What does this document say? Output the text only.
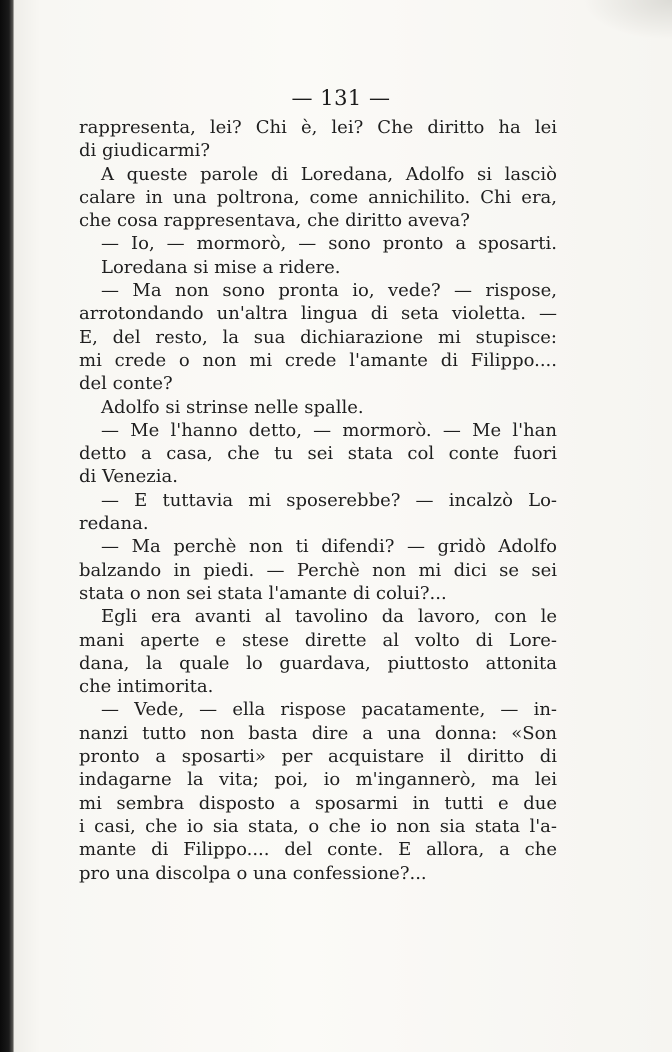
— 131 —
rappresenta, lei? Chi è, lei? Che diritto ha lei
di giudicarmi?
A queste parole di Loredana, Adolfo si lasciò
calare in una poltrona, come annichilito. Chi era,
che cosa rappresentava, che diritto aveva?
— Io, — mormorò, — sono pronto a sposarti.
Loredana si mise a ridere.
— Ma non sono pronta io, vede? — rispose,
arrotondando un'altra lingua di seta violetta. —
E, del resto, la sua dichiarazione mi stupisce:
mi crede o non mi crede l'amante di Filippo....
del conte?
Adolfo si strinse nelle spalle.
— Me l'hanno detto, — mormorò. — Me l'han
detto a casa, che tu sei stata col conte fuori
di Venezia.
— E tuttavia mi sposerebbe? — incalzò Lo-
redana.
— Ma perchè non ti difendi? — gridò Adolfo
balzando in piedi. — Perchè non mi dici se sei
stata o non sei stata l'amante di colui?...
Egli era avanti al tavolino da lavoro, con le
mani aperte e stese dirette al volto di Lore-
dana, la quale lo guardava, piuttosto attonita
che intimorita.
— Vede, — ella rispose pacatamente, — in-
nanzi tutto non basta dire a una donna: «Son
pronto a sposarti» per acquistare il diritto di
indagarne la vita; poi, io m'ingannerò, ma lei
mi sembra disposto a sposarmi in tutti e due
i casi, che io sia stata, o che io non sia stata l'a-
mante di Filippo.... del conte. E allora, a che
pro una discolpa o una confessione?...
